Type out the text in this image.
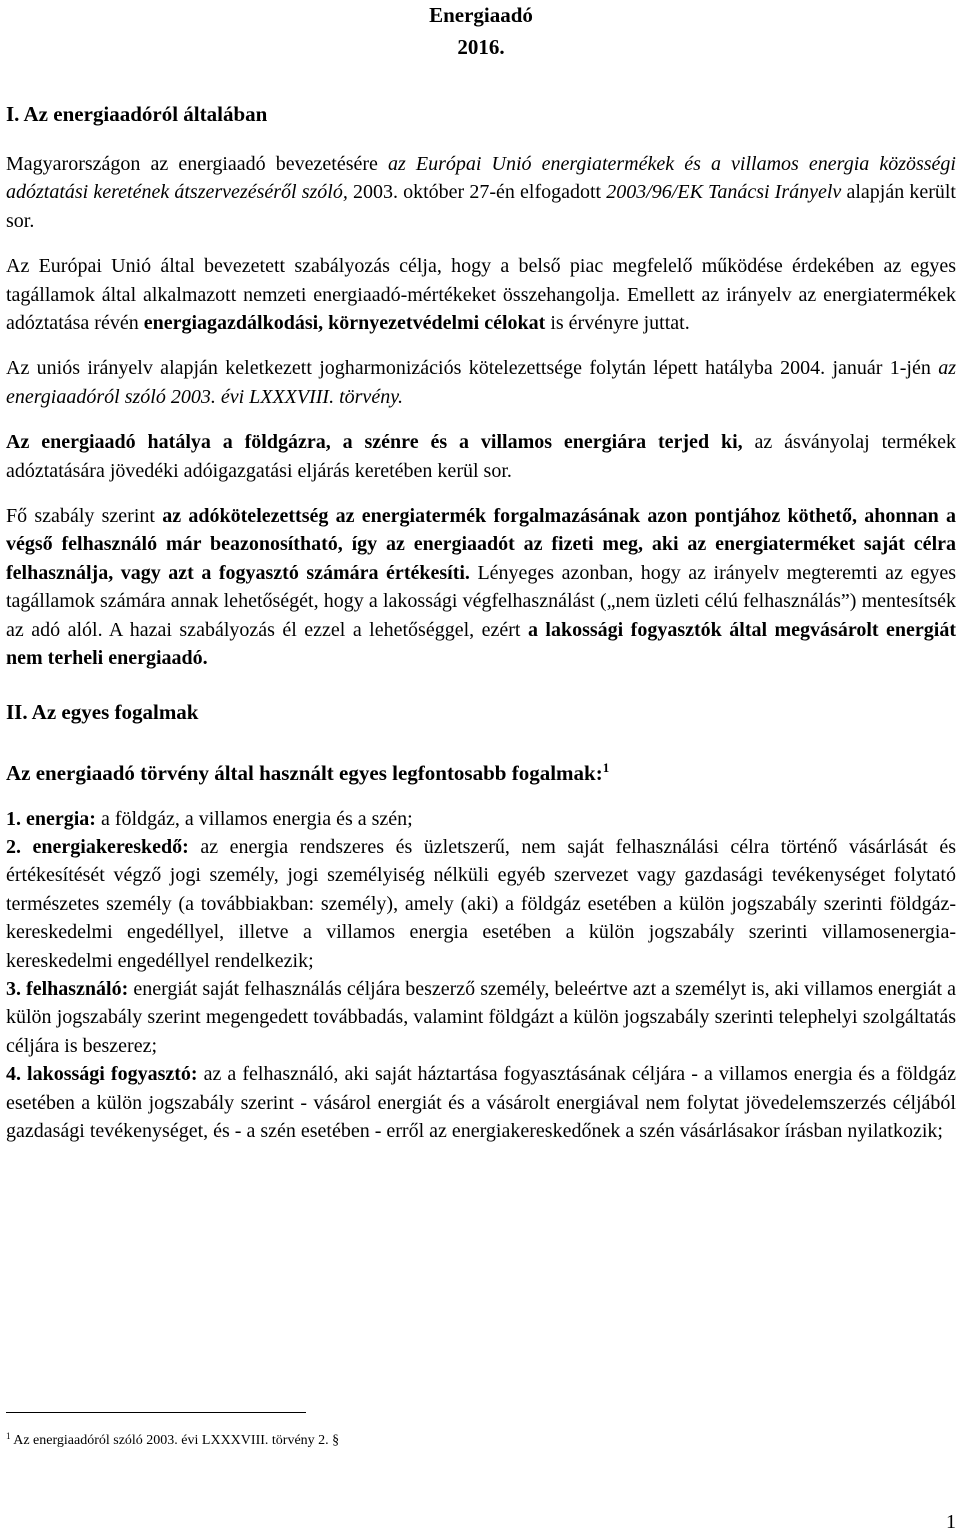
Energiaadó
2016.
I. Az energiaadóról általában

Magyarországon az energiaadó bevezetésére az Európai Unió energiatermékek és a villamos energia közösségi adóztatási keretének átszervezéséről szóló, 2003. október 27-én elfogadott 2003/96/EK Tanácsi Irányelv alapján került sor.

Az Európai Unió által bevezetett szabályozás célja, hogy a belső piac megfelelő működése érdekében az egyes tagállamok által alkalmazott nemzeti energiaadó-mértékeket összehangolja. Emellett az irányelv az energiatermékek adóztatása révén energiagazdálkodási, környezetvédelmi célokat is érvényre juttat.

Az uniós irányelv alapján keletkezett jogharmonizációs kötelezettsége folytán lépett hatályba 2004. január 1-jén az energiaadóról szóló 2003. évi LXXXVIII. törvény.

Az energiaadó hatálya a földgázra, a szénre és a villamos energiára terjed ki, az ásványolaj termékek adóztatására jövedéki adóigazgatási eljárás keretében kerül sor.

Fő szabály szerint az adókötelezettség az energiatermék forgalmazásának azon pontjához köthető, ahonnan a végső felhasználó már beazonosítható, így az energiaadót az fizeti meg, aki az energiaterméket saját célra felhasználja, vagy azt a fogyasztó számára értékesíti. Lényeges azonban, hogy az irányelv megteremti az egyes tagállamok számára annak lehetőségét, hogy a lakossági végfelhasználást („nem üzleti célú felhasználás”) mentesítsék az adó alól. A hazai szabályozás él ezzel a lehetőséggel, ezért a lakossági fogyasztók által megvásárolt energiát nem terheli energiaadó.

II. Az egyes fogalmak
Az energiaadó törvény által használt egyes legfontosabb fogalmak:$^1$

1. energia: a földgáz, a villamos energia és a szén;

2. energiakereskedő: az energia rendszeres és üzletszerű, nem saját felhasználási célra történő vásárlását és értékesítését végző jogi személy, jogi személyiség nélküli egyéb szervezet vagy gazdasági tevékenységet folytató természetes személy (a továbbiakban: személy), amely (aki) a földgáz esetében a külön jogszabály szerinti földgáz-kereskedelmi engedéllyel, illetve a villamos energia esetében a külön jogszabály szerinti villamosenergia-kereskedelmi engedéllyel rendelkezik;

3. felhasználó: energiát saját felhasználás céljára beszerző személy, beleértve azt a személyt is, aki villamos energiát a külön jogszabály szerint megengedett továbbadás, valamint földgázt a külön jogszabály szerinti telephelyi szolgáltatás céljára is beszerez;

4. lakossági fogyasztó: az a felhasználó, aki saját háztartása fogyasztásának céljára - a villamos energia és a földgáz esetében a külön jogszabály szerint - vásárol energiát és a vásárolt energiával nem folytat jövedelemszerzés céljából gazdasági tevékenységet, és - a szén esetében - erről az energiakereskedőnek a szén vásárlásakor írásban nyilatkozik;

$^1$ Az energiaadóról szóló 2003. évi LXXXVIII. törvény 2. §
1
